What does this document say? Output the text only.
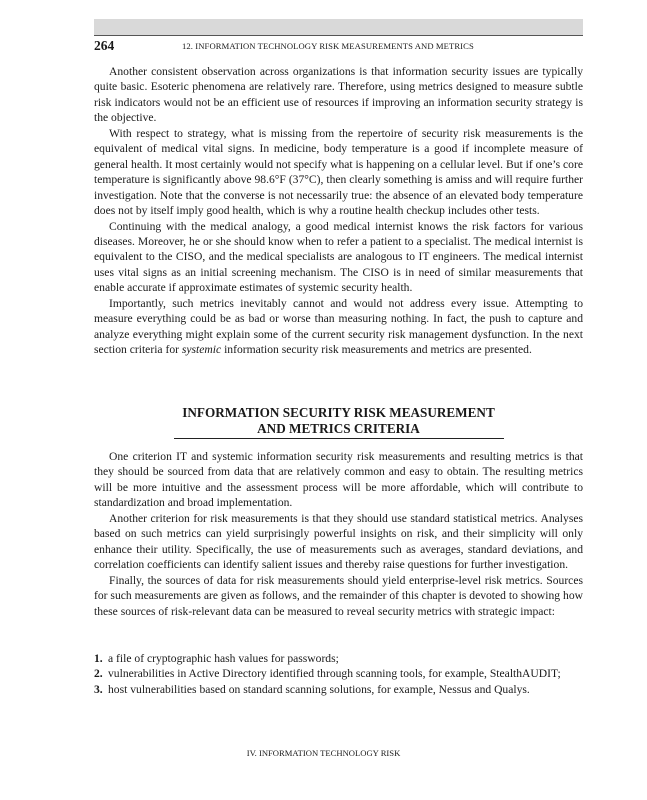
264	12. INFORMATION TECHNOLOGY RISK MEASUREMENTS AND METRICS

Another consistent observation across organizations is that information security issues are typically quite basic. Esoteric phenomena are relatively rare. Therefore, using metrics designed to measure subtle risk indicators would not be an efficient use of resources if improving an information security strategy is the objective.

With respect to strategy, what is missing from the repertoire of security risk measurements is the equivalent of medical vital signs. In medicine, body temperature is a good if incomplete measure of general health. It most certainly would not specify what is happening on a cellular level. But if one’s core temperature is significantly above 98.6°F (37°C), then clearly something is amiss and will require further investigation. Note that the converse is not necessarily true: the absence of an elevated body temperature does not by itself imply good health, which is why a routine health checkup includes other tests.

Continuing with the medical analogy, a good medical internist knows the risk factors for various diseases. Moreover, he or she should know when to refer a patient to a specialist. The medical internist is equivalent to the CISO, and the medical specialists are analogous to IT engineers. The medical internist uses vital signs as an initial screening mechanism. The CISO is in need of similar measurements that enable accurate if approximate estimates of systemic security health.

Importantly, such metrics inevitably cannot and would not address every issue. Attempting to measure everything could be as bad or worse than measuring nothing. In fact, the push to capture and analyze everything might explain some of the current security risk management dysfunction. In the next section criteria for systemic information security risk measurements and metrics are presented.

INFORMATION SECURITY RISK MEASUREMENT
AND METRICS CRITERIA

One criterion IT and systemic information security risk measurements and resulting metrics is that they should be sourced from data that are relatively common and easy to obtain. The resulting metrics will be more intuitive and the assessment process will be more affordable, which will contribute to standardization and broad implementation.

Another criterion for risk measurements is that they should use standard statistical metrics. Analyses based on such metrics can yield surprisingly powerful insights on risk, and their simplicity will only enhance their utility. Specifically, the use of measurements such as averages, standard deviations, and correlation coefficients can identify salient issues and thereby raise questions for further investigation.

Finally, the sources of data for risk measurements should yield enterprise-level risk metrics. Sources for such measurements are given as follows, and the remainder of this chapter is devoted to showing how these sources of risk-relevant data can be measured to reveal security metrics with strategic impact:

1. a file of cryptographic hash values for passwords;
2. vulnerabilities in Active Directory identified through scanning tools, for example, StealthAUDIT;
3. host vulnerabilities based on standard scanning solutions, for example, Nessus and Qualys.
IV. INFORMATION TECHNOLOGY RISK
